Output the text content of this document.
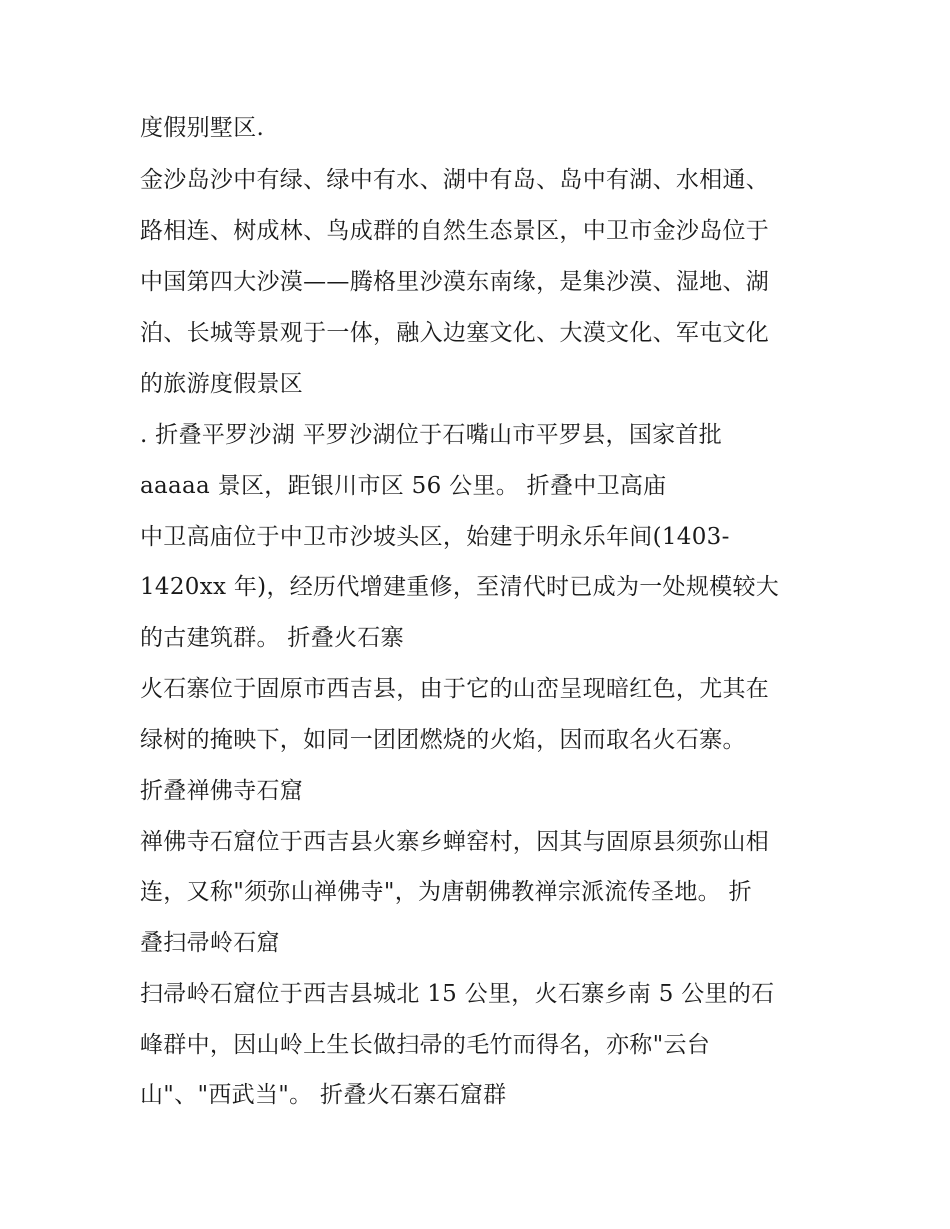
度假别墅区.
金沙岛沙中有绿、绿中有水、湖中有岛、岛中有湖、水相通、
路相连、树成林、鸟成群的自然生态景区，中卫市金沙岛位于
中国第四大沙漠——腾格里沙漠东南缘，是集沙漠、湿地、湖
泊、长城等景观于一体，融入边塞文化、大漠文化、军屯文化
的旅游度假景区
. 折叠平罗沙湖 平罗沙湖位于石嘴山市平罗县，国家首批
aaaaa 景区，距银川市区 56 公里。 折叠中卫高庙
中卫高庙位于中卫市沙坡头区，始建于明永乐年间(1403-
1420xx 年)，经历代增建重修，至清代时已成为一处规模较大
的古建筑群。 折叠火石寨
火石寨位于固原市西吉县，由于它的山峦呈现暗红色，尤其在
绿树的掩映下，如同一团团燃烧的火焰，因而取名火石寨。
折叠禅佛寺石窟
禅佛寺石窟位于西吉县火寨乡蝉窑村，因其与固原县须弥山相
连，又称"须弥山禅佛寺"，为唐朝佛教禅宗派流传圣地。 折
叠扫帚岭石窟
扫帚岭石窟位于西吉县城北 15 公里，火石寨乡南 5 公里的石
峰群中，因山岭上生长做扫帚的毛竹而得名，亦称"云台
山"、"西武当"。 折叠火石寨石窟群
